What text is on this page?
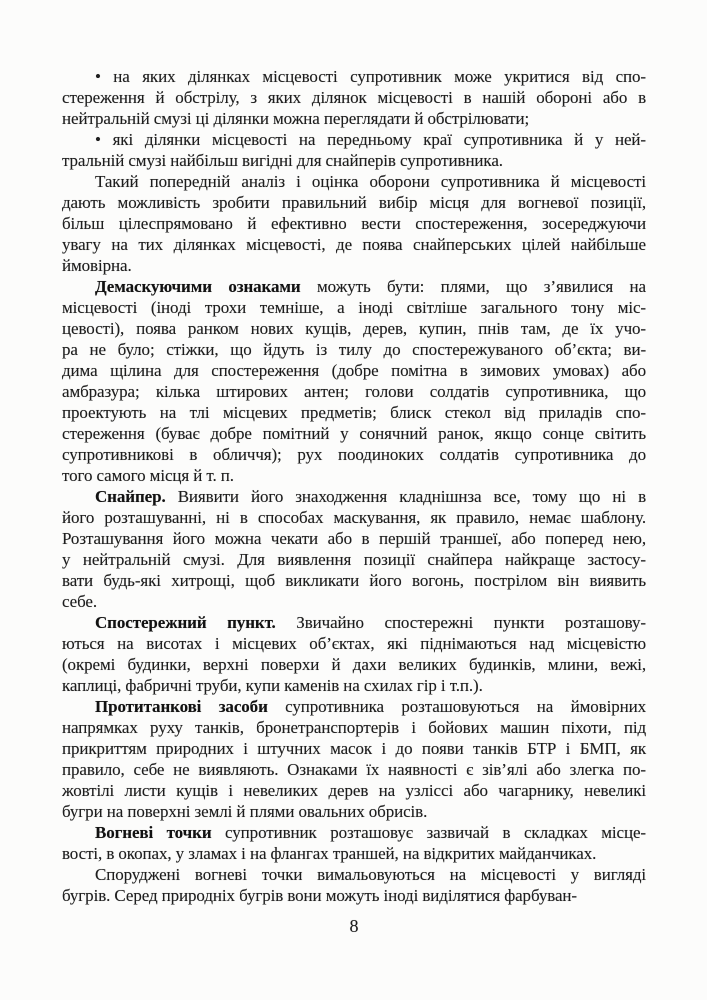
• на яких ділянках місцевості супротивник може укритися від спо-
стереження й обстрілу, з яких ділянок місцевості в нашій обороні або в
нейтральній смузі ці ділянки можна переглядати й обстрілювати;
• які ділянки місцевості на передньому краї супротивника й у ней-
тральній смузі найбільш вигідні для снайперів супротивника.
Такий попередній аналіз і оцінка оборони супротивника й місцевості
дають можливість зробити правильний вибір місця для вогневої позиції,
більш цілеспрямовано й ефективно вести спостереження, зосереджуючи
увагу на тих ділянках місцевості, де поява снайперських цілей найбільше
ймовірна.
Демаскуючими ознаками можуть бути: плями, що з’явилися на
місцевості (іноді трохи темніше, а іноді світліше загального тону міс-
цевості), поява ранком нових кущів, дерев, купин, пнів там, де їх учо-
ра не було; стіжки, що йдуть із тилу до спостережуваного об’єкта; ви-
дима щілина для спостереження (добре помітна в зимових умовах) або
амбразура; кілька штирових антен; голови солдатів супротивника, що
проектують на тлі місцевих предметів; блиск стекол від приладів спо-
стереження (буває добре помітний у сонячний ранок, якщо сонце світить
супротивникові в обличчя); рух поодиноких солдатів супротивника до
того самого місця й т. п.
Снайпер. Виявити його знаходження кладнішнза все, тому що ні в
його розташуванні, ні в способах маскування, як правило, немає шаблону.
Розташування його можна чекати або в першій траншеї, або поперед нею,
у нейтральній смузі. Для виявлення позиції снайпера найкраще застосу-
вати будь-які хитрощі, щоб викликати його вогонь, пострілом він виявить
себе.
Спостережний пункт. Звичайно спостережні пункти розташову-
ються на висотах і місцевих об’єктах, які піднімаються над місцевістю
(окремі будинки, верхні поверхи й дахи великих будинків, млини, вежі,
каплиці, фабричні труби, купи каменів на схилах гір і т.п.).
Протитанкові засоби супротивника розташовуються на ймовірних
напрямках руху танків, бронетранспортерів і бойових машин піхоти, під
прикриттям природних і штучних масок і до появи танків БТР і БМП, як
правило, себе не виявляють. Ознаками їх наявності є зів’ялі або злегка по-
жовтілі листи кущів і невеликих дерев на узліссі або чагарнику, невеликі
бугри на поверхні землі й плями овальних обрисів.
Вогневі точки супротивник розташовує зазвичай в складках місце-
вості, в окопах, у зламах і на флангах траншей, на відкритих майданчиках.
Споруджені вогневі точки вимальовуються на місцевості у вигляді
бугрів. Серед природніх бугрів вони можуть іноді виділятися фарбуван-
8
